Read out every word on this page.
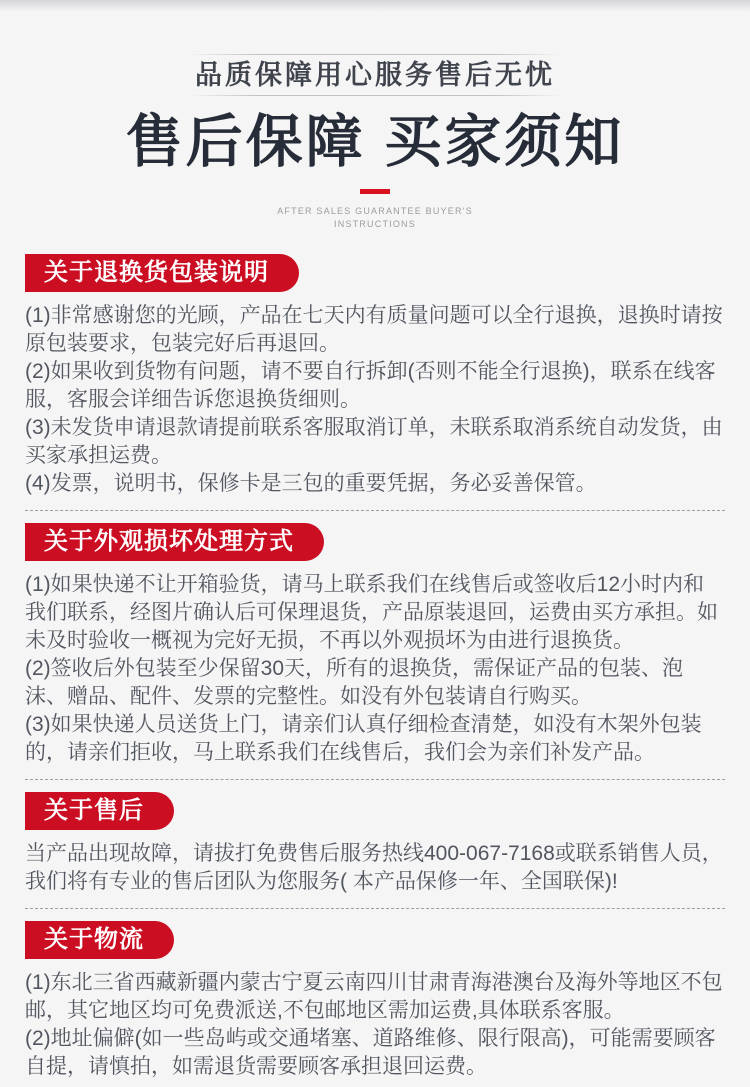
品质保障用心服务售后无忧
售后保障 买家须知
AFTER SALES GUARANTEE BUYER'S
INSTRUCTIONS
关于退换货包装说明

(1)非常感谢您的光顾，产品在七天内有质量问题可以全行退换，退换时请按原包装要求，包装完好后再退回。

(2)如果收到货物有问题，请不要自行拆卸(否则不能全行退换)，联系在线客服，客服会详细告诉您退换货细则。

(3)未发货申请退款请提前联系客服取消订单，未联系取消系统自动发货，由买家承担运费。

(4)发票，说明书，保修卡是三包的重要凭据，务必妥善保管。

关于外观损坏处理方式

(1)如果快递不让开箱验货，请马上联系我们在线售后或签收后12小时内和我们联系，经图片确认后可保理退货，产品原装退回，运费由买方承担。如未及时验收一概视为完好无损，不再以外观损坏为由进行退换货。

(2)签收后外包装至少保留30天，所有的退换货，需保证产品的包装、泡沫、赠品、配件、发票的完整性。如没有外包装请自行购买。

(3)如果快递人员送货上门，请亲们认真仔细检查清楚，如没有木架外包装的，请亲们拒收，马上联系我们在线售后，我们会为亲们补发产品。

关于售后

当产品出现故障，请拔打免费售后服务热线400-067-7168或联系销售人员，我们将有专业的售后团队为您服务( 本产品保修一年、全国联保)!

关于物流

(1)东北三省西藏新疆内蒙古宁夏云南四川甘肃青海港澳台及海外等地区不包邮，其它地区均可免费派送,不包邮地区需加运费,具体联系客服。

(2)地址偏僻(如一些岛屿或交通堵塞、道路维修、限行限高)，可能需要顾客自提，请慎拍，如需退货需要顾客承担退回运费。
